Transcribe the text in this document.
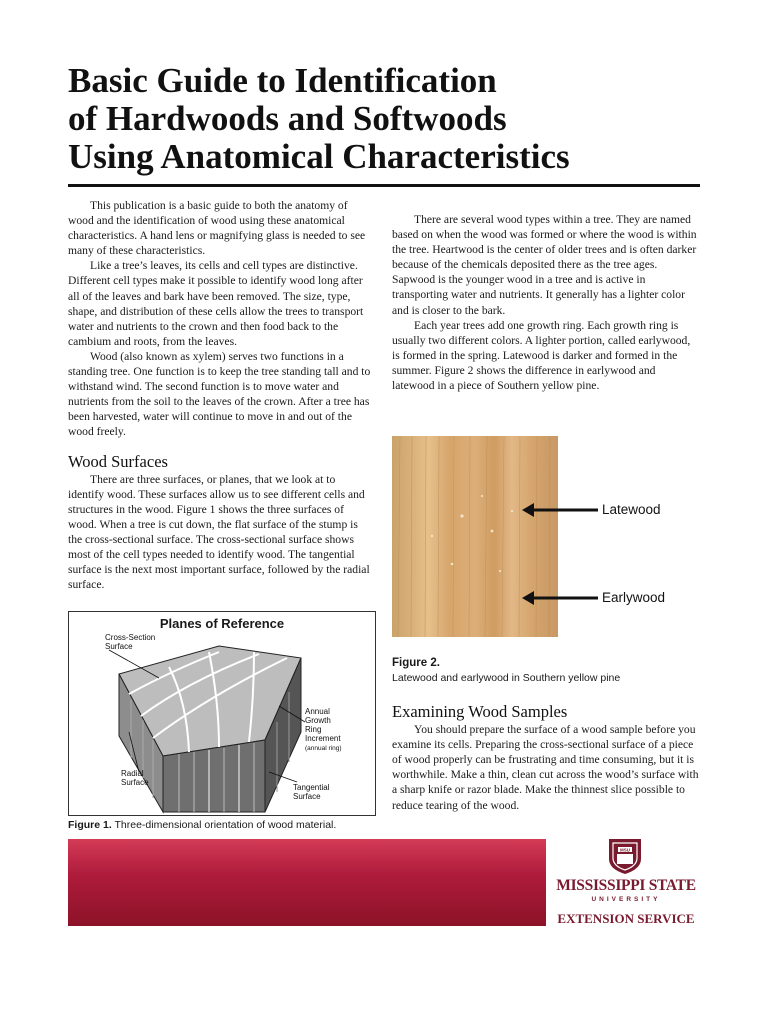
Basic Guide to Identification
of Hardwoods and Softwoods
Using Anatomical Characteristics

This publication is a basic guide to both the anatomy of wood and the identification of wood using these anatomical characteristics. A hand lens or magnifying glass is needed to see many of these characteristics.

Like a tree’s leaves, its cells and cell types are distinctive. Different cell types make it possible to identify wood long after all of the leaves and bark have been removed. The size, type, shape, and distribution of these cells allow the trees to transport water and nutrients to the crown and then food back to the cambium and roots, from the leaves.

Wood (also known as xylem) serves two functions in a standing tree. One function is to keep the tree standing tall and to withstand wind. The second function is to move water and nutrients from the soil to the leaves of the crown. After a tree has been harvested, water will continue to move in and out of the wood freely.

Wood Surfaces

There are three surfaces, or planes, that we look at to identify wood. These surfaces allow us to see different cells and structures in the wood. Figure 1 shows the three surfaces of wood. When a tree is cut down, the flat surface of the stump is the cross-sectional surface. The cross-sectional surface shows most of the cell types needed to identify wood. The tangential surface is the next most important surface, followed by the radial surface.

Cross-Section
Surface
Annual
Growth
Ring
Increment
(annual ring)
Radial
Surface
Tangential
Surface
Planes of Reference
Figure 1. Three-dimensional orientation of wood material.

There are several wood types within a tree. They are named based on when the wood was formed or where the wood is within the tree. Heartwood is the center of older trees and is often darker because of the chemicals deposited there as the tree ages. Sapwood is the younger wood in a tree and is active in transporting water and nutrients. It generally has a lighter color and is closer to the bark.

Each year trees add one growth ring. Each growth ring is usually two different colors. A lighter portion, called earlywood, is formed in the spring. Latewood is darker and formed in the summer. Figure 2 shows the difference in earlywood and latewood in a piece of Southern yellow pine.

Latewood
Earlywood
Figure 2.
Latewood and earlywood in Southern yellow pine
Examining Wood Samples

You should prepare the surface of a wood sample before you examine its cells. Preparing the cross-sectional surface of a piece of wood properly can be frustrating and time consuming, but it is worthwhile. Make a thin, clean cut across the wood’s surface with a sharp knife or razor blade. Make the thinnest slice possible to reduce tearing of the wood.

MSU
MISSISSIPPI STATE
UNIVERSITY
EXTENSION SERVICE
